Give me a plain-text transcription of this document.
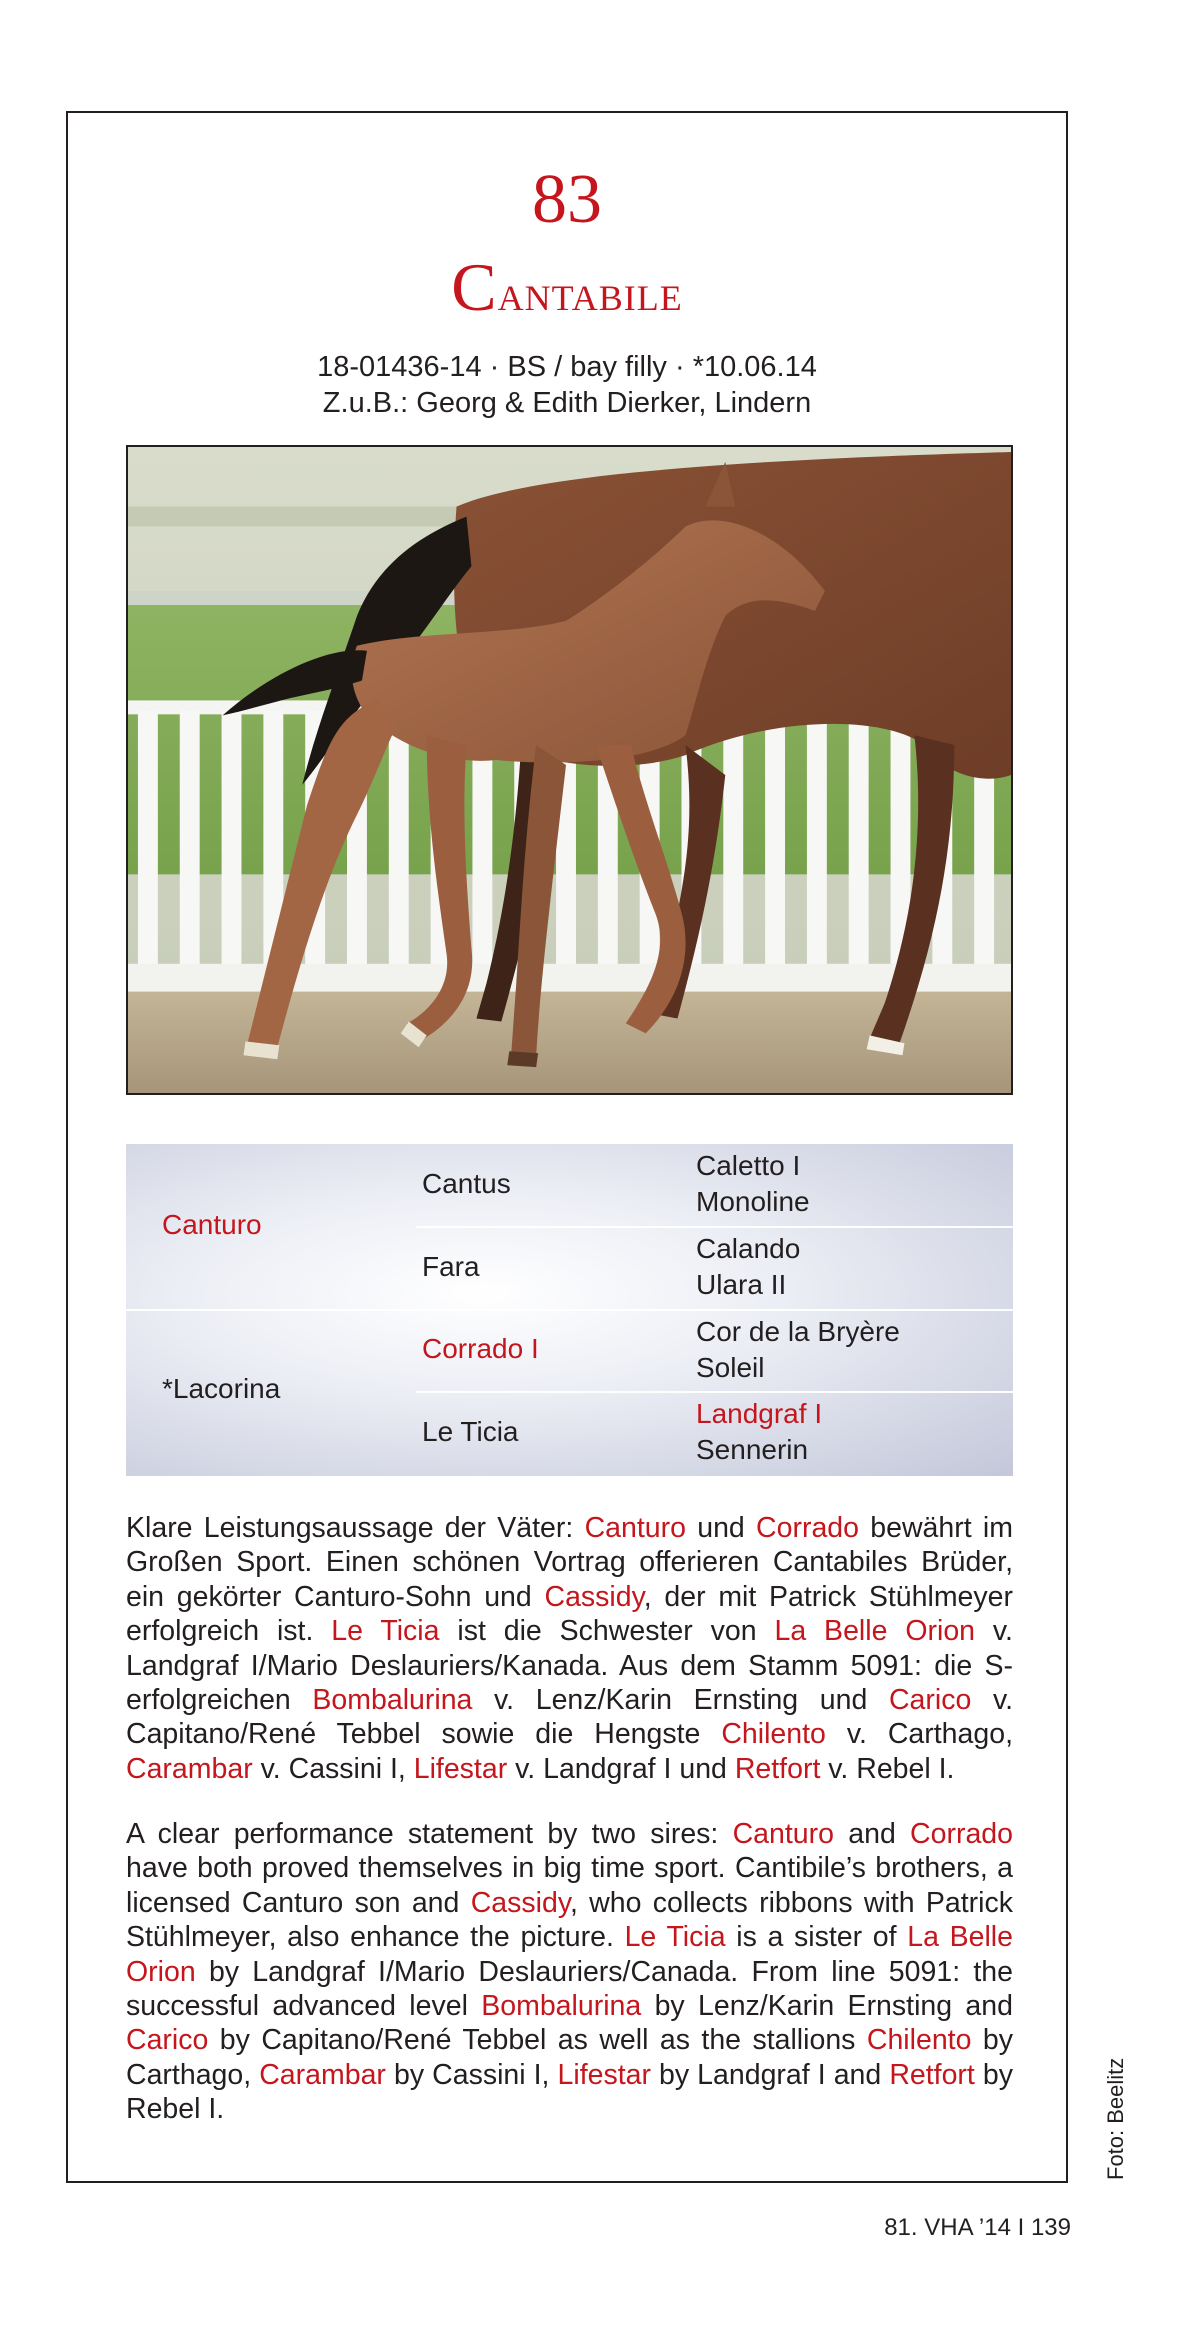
83
Cantabile
18-01436-14 · BS / bay filly · *10.06.14
Z.u.B.: Georg & Edith Dierker, Lindern
Canturo
*Lacorina
Cantus
Fara
Corrado I
Le Ticia
Caletto I
Monoline
Calando
Ulara II
Cor de la Bryère
Soleil
Landgraf I
Sennerin
Klare Leistungsaussage der Väter: Canturo und Corrado bewährt im Großen Sport. Einen schönen Vortrag offerieren Cantabiles Brüder, ein gekörter Canturo-Sohn und Cassidy, der mit Patrick Stühlmeyer erfolgreich ist. Le Ticia ist die Schwester von La Belle Orion v. Landgraf I/Mario Deslauriers/Kanada. Aus dem Stamm 5091: die S-erfolgreichen Bombalurina v. Lenz/Karin Ernsting und Carico v. Capitano/René Tebbel sowie die Hengste Chilento v. Carthago, Carambar v. Cassini I, Lifestar v. Landgraf I und Retfort v. Rebel I.
A clear performance statement by two sires: Canturo and Corrado have both proved themselves in big time sport. Cantibile’s brothers, a licensed Canturo son and Cassidy, who collects ribbons with Patrick Stühlmeyer, also enhance the picture. Le Ticia is a sister of La Belle Orion by Landgraf I/Mario Deslauriers/Canada. From line 5091: the successful advanced level Bombalurina by Lenz/Karin Ernsting and Carico by Capitano/René Tebbel as well as the stallions Chilento by Carthago, Carambar by Cassini I, Lifestar by Landgraf I and Retfort by Rebel I.	Foto: Beelitz
81. VHA ’14 I 139
